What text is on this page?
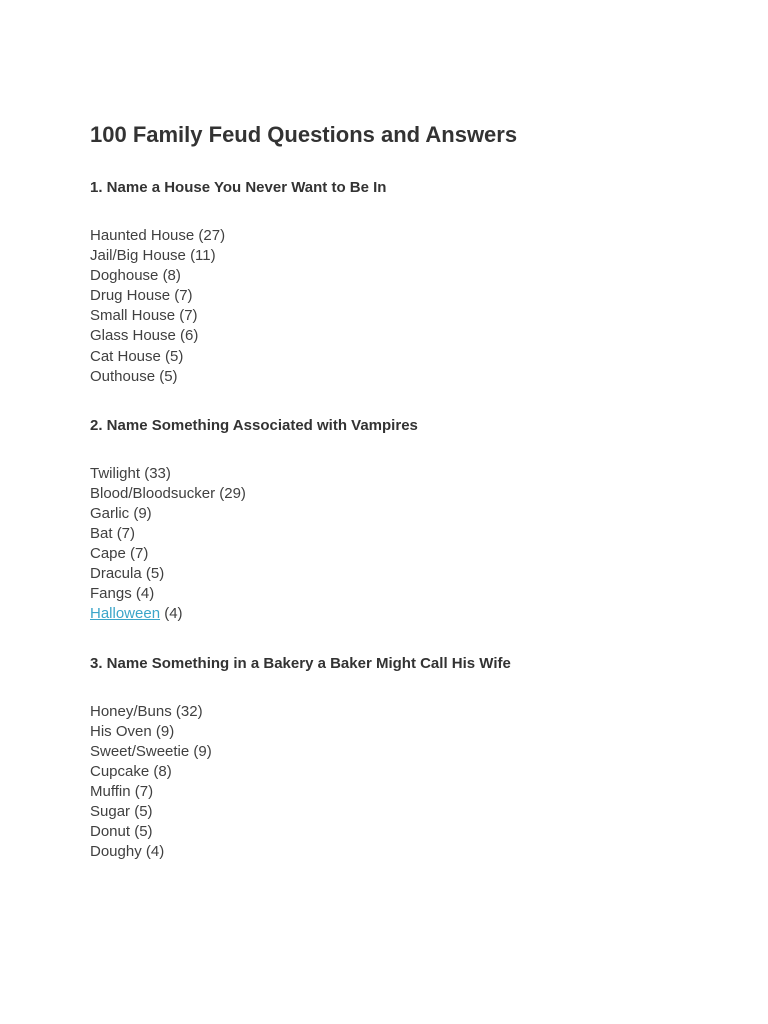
100 Family Feud Questions and Answers
1. Name a House You Never Want to Be In
Haunted House (27)
Jail/Big House (11)
Doghouse (8)
Drug House (7)
Small House (7)
Glass House (6)
Cat House (5)
Outhouse (5)
2. Name Something Associated with Vampires
Twilight (33)
Blood/Bloodsucker (29)
Garlic (9)
Bat (7)
Cape (7)
Dracula (5)
Fangs (4)
Halloween (4)
3. Name Something in a Bakery a Baker Might Call His Wife
Honey/Buns (32)
His Oven (9)
Sweet/Sweetie (9)
Cupcake (8)
Muffin (7)
Sugar (5)
Donut (5)
Doughy (4)
